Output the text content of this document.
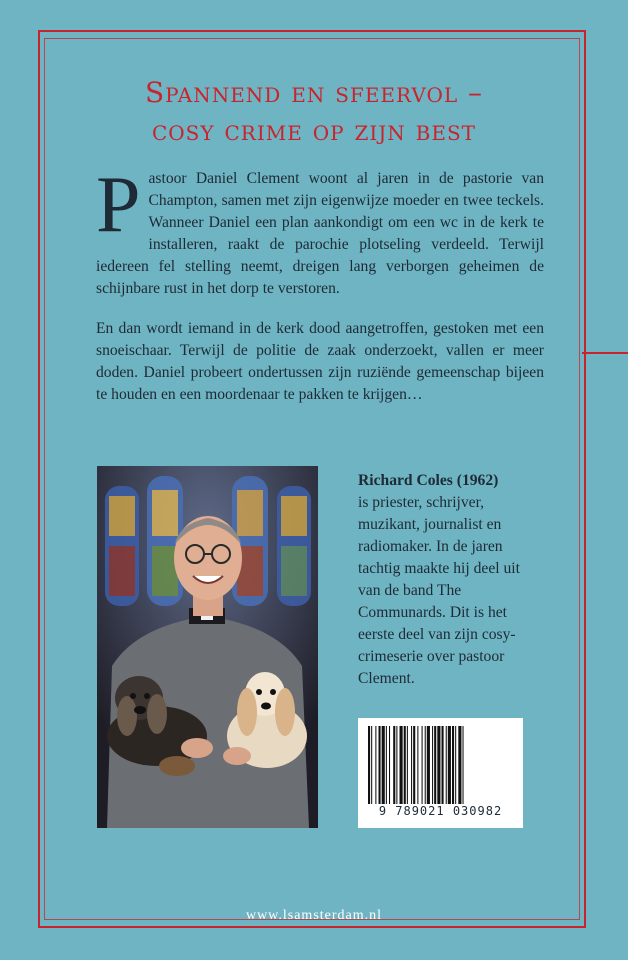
Spannend en sfeervol –
cosy crime op zijn best

Pastoor Daniel Clement woont al jaren in de pastorie van Champton, samen met zijn eigenwijze moeder en twee teckels. Wanneer Daniel een plan aankondigt om een wc in de kerk te installeren, raakt de parochie plotseling verdeeld. Terwijl iedereen fel stelling neemt, dreigen lang verborgen geheimen de schijnbare rust in het dorp te verstoren.

En dan wordt iemand in de kerk dood aangetroffen, gestoken met een snoeischaar. Terwijl de politie de zaak onderzoekt, vallen er meer doden. Daniel probeert ondertussen zijn ruziënde gemeenschap bijeen te houden en een moordenaar te pakken te krijgen…

Richard Coles (1962)
is priester, schrijver, muzikant, journalist en radiomaker. In de jaren tachtig maakte hij deel uit van de band The Communards. Dit is het eerste deel van zijn cosy-crimeserie over pastoor Clement.

9 789021 030982
www.lsamsterdam.nl
